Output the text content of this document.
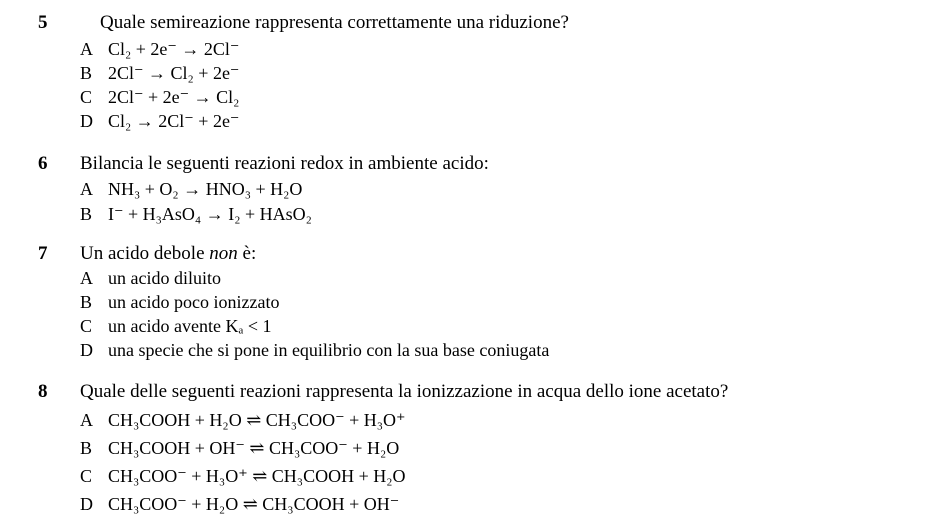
5	Quale semireazione rappresenta correttamente una riduzione?
A Cl₂ + 2e⁻ → 2Cl⁻
B 2Cl⁻ → Cl₂ + 2e⁻
C 2Cl⁻ + 2e⁻ → Cl₂
D Cl₂ → 2Cl⁻ + 2e⁻
6 Bilancia le seguenti reazioni redox in ambiente acido:
A NH₃ + O₂ → HNO₃ + H₂O
B I⁻ + H₃AsO₄ → I₂ + HAsO₂
7 Un acido debole non è:
A un acido diluito
B un acido poco ionizzato
C un acido avente Kₐ < 1
D una specie che si pone in equilibrio con la sua base coniugata
8 Quale delle seguenti reazioni rappresenta la ionizzazione in acqua dello ione acetato?
A CH₃COOH + H₂O ⇌ CH₃COO⁻ + H₃O⁺
B CH₃COOH + OH⁻ ⇌ CH₃COO⁻ + H₂O
C CH₃COO⁻ + H₃O⁺ ⇌ CH₃COOH + H₂O
D CH₃COO⁻ + H₂O ⇌ CH₃COOH + OH⁻
